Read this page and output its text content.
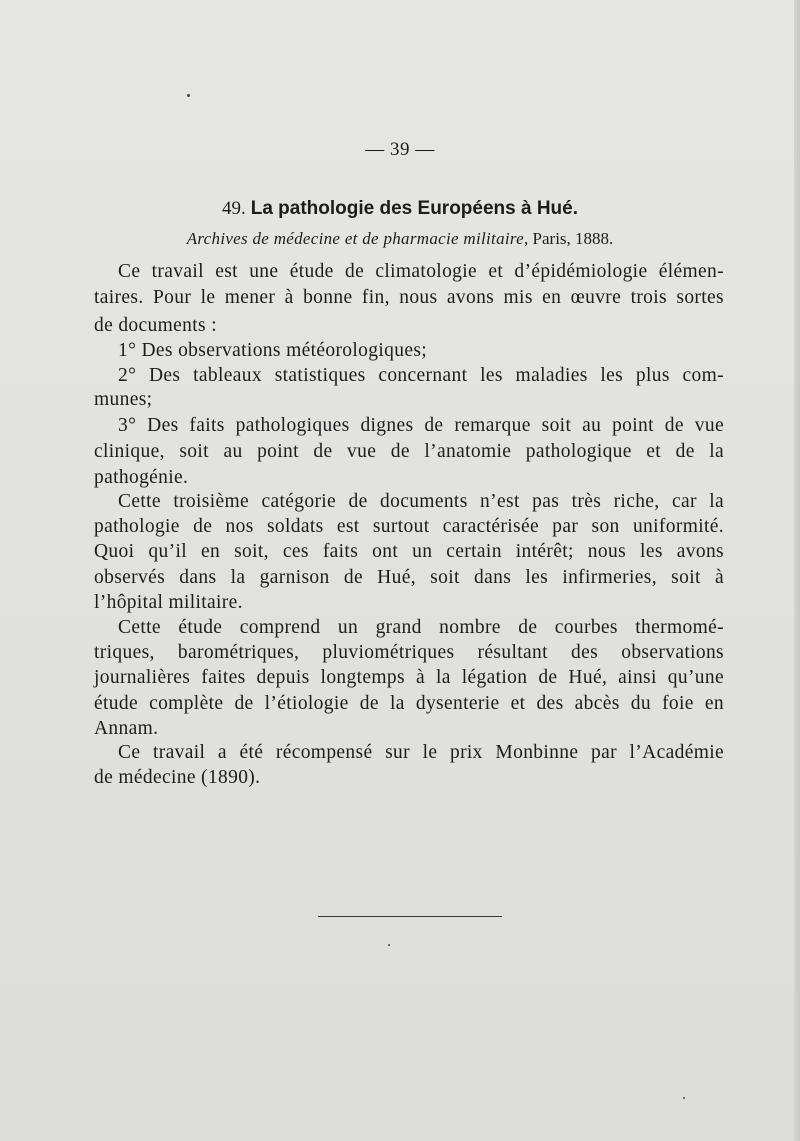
— 39 —
49. La pathologie des Européens à Hué.
Archives de médecine et de pharmacie militaire, Paris, 1888.
Ce travail est une étude de climatologie et d’épidémiologie élémen-
taires. Pour le mener à bonne fin, nous avons mis en œuvre trois sortes
de documents :
1° Des observations météorologiques;
2° Des tableaux statistiques concernant les maladies les plus com-
munes;
3° Des faits pathologiques dignes de remarque soit au point de vue
clinique, soit au point de vue de l’anatomie pathologique et de la
pathogénie.
Cette troisième catégorie de documents n’est pas très riche, car la
pathologie de nos soldats est surtout caractérisée par son uniformité.
Quoi qu’il en soit, ces faits ont un certain intérêt; nous les avons
observés dans la garnison de Hué, soit dans les infirmeries, soit à
l’hôpital militaire.
Cette étude comprend un grand nombre de courbes thermomé-
triques, barométriques, pluviométriques résultant des observations
journalières faites depuis longtemps à la légation de Hué, ainsi qu’une
étude complète de l’étiologie de la dysenterie et des abcès du foie en
Annam.
Ce travail a été récompensé sur le prix Monbinne par l’Académie
de médecine (1890).
